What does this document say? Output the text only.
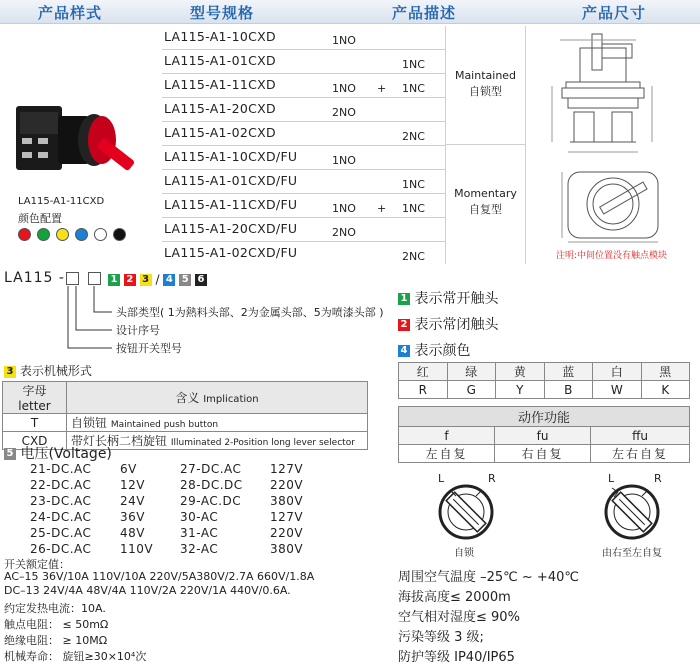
产品样式	型号规格	产品描述	产品尺寸
LA115-A1-11CXD
颜色配置
LA115-A1-10CXD	1NO
LA115-A1-01CXD	1NC
LA115-A1-11CXD	1NO + 1NC
LA115-A1-20CXD	2NO
LA115-A1-02CXD	2NC
LA115-A1-10CXD/FU	1NO
LA115-A1-01CXD/FU	1NC
LA115-A1-11CXD/FU	1NO + 1NC
LA115-A1-20CXD/FU	2NO
LA115-A1-02CXD/FU	2NC
Maintained
自锁型
Momentary
自复型
注明:中间位置没有触点模块
LA115 -	1 2 3 / 4 5 6
头部类型( 1为熱料头部、2为金属头部、5为喷漆头部 )
设计序号
按钮开关型号
3 表示机械形式
字母letter	含义 Implication
T	自锁钮 Maintained push button
CXD	带灯长柄二档旋钮 Illuminated 2-Position long lever selector
5 电压(Voltage)
21-DC.AC	6V
22-DC.AC	12V
23-DC.AC	24V
24-DC.AC	36V
25-DC.AC	48V
26-DC.AC	110V
27-DC.AC	127V
28-DC.DC	220V
29-AC.DC	380V
30-AC	127V
31-AC	220V
32-AC	380V
开关额定值：
AC–15 36V/10A 110V/10A 220V/5A380V/2.7A 660V/1.8A
DC–13 24V/4A 48V/4A 110V/2A 220V/1A 440V/0.6A.
约定发热电流：10A.
触点电阻： ≤ 50mΩ
绝缘电阻： ≥ 10MΩ
机械寿命： 旋钮≥30×10⁴次
1 表示常开触头
2 表示常闭触头
4 表示颜色
红	绿	黄	蓝	白	黑
R	G	Y	B	W	K
动作功能		
f	fu	ffu
左自复	右自复	左右自复
L	R
自锁
L	R
由右至左自复
周围空气温度 –25℃ ~ +40℃
海拔高度≤ 2000m
空气相对湿度≤ 90%
污染等级 3 级;
防护等级 IP40/IP65
